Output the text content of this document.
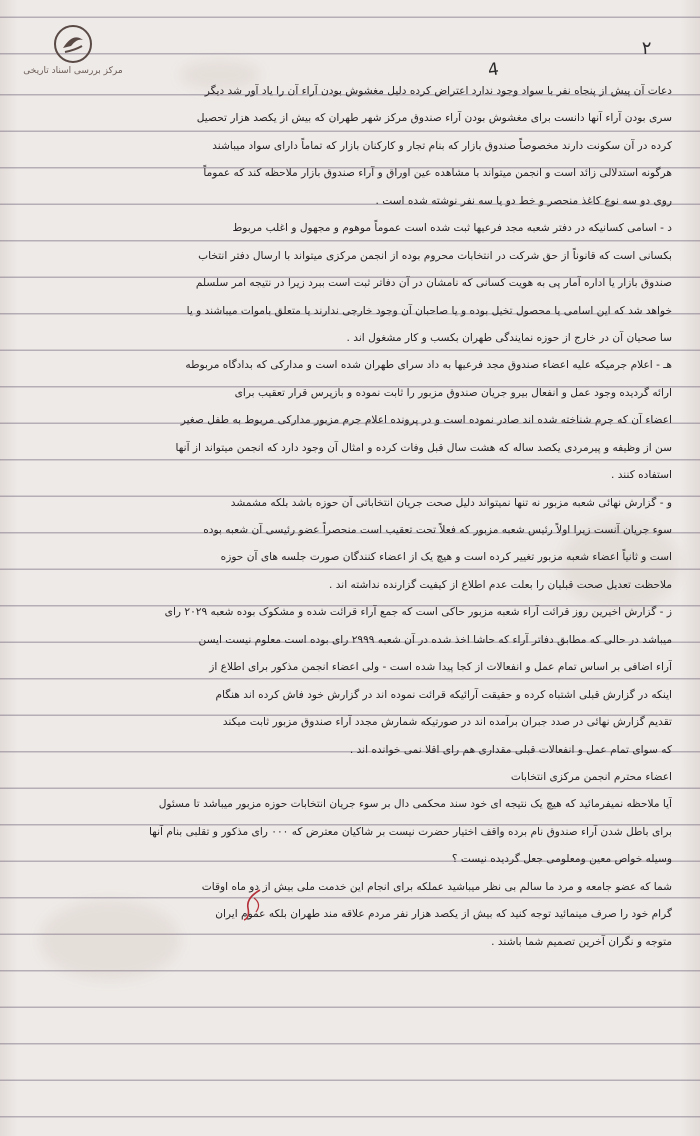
مرکز بررسی اسناد تاریخی
۲
دعات آن پیش از پنجاه نفر با سواد وجود ندارد اعتراض کرده دلیل مغشوش بودن آراء آن را یاد آور شد دیگر
سری بودن آراء آنها دانست برای مغشوش بودن آراء صندوق مرکز شهر طهران که بیش از یکصد هزار تحصیل
کرده در آن سکونت دارند مخصوصاً صندوق بازار که بنام تجار و کارکنان بازار که تماماً دارای سواد میباشند
هرگونه استدلالی زائد است و انجمن میتواند با مشاهده عین اوراق و آراء صندوق بازار ملاحظه کند که عموماً
روی دو سه نوع کاغذ منحصر و خط دو یا سه نفر نوشته شده است .
د - اسامی کسانیکه در دفتر شعبه مجد فرعیها ثبت شده است عموماً موهوم و مجهول و اغلب مربوط
بکسانی است که قانوناً از حق شرکت در انتخابات محروم بوده از انجمن مرکزی میتواند با ارسال دفتر انتخاب
صندوق بازار یا اداره آمار پی به هویت کسانی که نامشان در آن دفاتر ثبت است ببرد زیرا در نتیجه امر سلسلم
خواهد شد که این اسامی یا محصول تخیل بوده و یا صاحبان آن وجود خارجی ندارند یا متعلق باموات میباشند و یا
سا صحیان آن در خارج از حوزه نمایندگی طهران بکسب و کار مشغول اند .
هـ - اعلام جرمیکه علیه اعضاء صندوق مجد فرعیها به داد سرای طهران شده است و مدارکی که بدادگاه مربوطه
ارائه گردیده وجود عمل و انفعال بیرو جریان صندوق مزبور را ثابت نموده و بازپرس قرار تعقیب برای
اعضاء آن که جرم شناخته شده اند صادر نموده است و در پرونده اعلام جرم مزبور مدارکی مربوط به طفل صغیر
سن از وظیفه و پیرمردی یکصد ساله که هشت سال قبل وفات کرده و امثال آن وجود دارد که انجمن میتواند از آنها
استفاده کنند .
و - گزارش نهائی شعبه مزبور نه تنها نمیتواند دلیل صحت جریان انتخاباتی آن حوزه باشد بلکه مشمشد
سوء جریان آنست زیرا اولاً رئیس شعبه مزبور که فعلاً تحت تعقیب است منحصراً عضو رئیسی آن شعبه بوده
است و ثانیاً اعضاء شعبه مزبور تغییر کرده است و هیچ یک از اعضاء کنندگان صورت جلسه های آن حوزه
ملاحظت تعدیل صحت قبلیان را بعلت عدم اطلاع از کیفیت گزارنده نداشته اند .
ز - گزارش اخیرین روز قرائت آراء شعبه مزبور حاکی است که جمع آراء قرائت شده و مشکوک بوده شعبه ۲۰۲۹ رای
میباشد در حالی که مطابق دفاتر آراء که حاشا اخذ شده در آن شعبه ۲۹۹۹ رای بوده است معلوم نیست ایسن
آراء اضافی بر اساس تمام عمل و انفعالات از کجا پیدا شده است - ولی اعضاء انجمن مذکور برای اطلاع از
اینکه در گزارش قبلی اشتباه کرده و حقیقت آرائیکه قرائت نموده اند در گزارش خود فاش کرده اند هنگام
تقدیم گزارش نهائی در صدد جبران برآمده اند در صورتیکه شمارش مجدد آراء صندوق مزبور ثابت میکند
که سوای تمام عمل و انفعالات قبلی مقداری هم رای اقلا نمی خوانده اند .
اعضاء محترم انجمن مرکزی انتخابات
آیا ملاحظه نمیفرمائید که هیچ یک نتیجه ای خود سند محکمی دال بر سوء جریان انتخابات حوزه مزبور میباشد تا مسئول
برای باطل شدن آراء صندوق نام برده واقف اختیار حضرت نیست بر شاکیان معترض که ۰۰۰ رای مذکور و تقلبی بنام آنها
وسیله خواص معین ومعلومی جعل گردیده نیست ؟
شما که عضو جامعه و مرد ما سالم بی نظر میباشید عملکه برای انجام این خدمت ملی بیش از دو ماه اوقات
گرام خود را صرف مینمائید توجه کنید که بیش از یکصد هزار نفر مردم علاقه مند طهران بلکه عموم ایران
متوجه و نگران آخرین تصمیم شما باشند .
4
